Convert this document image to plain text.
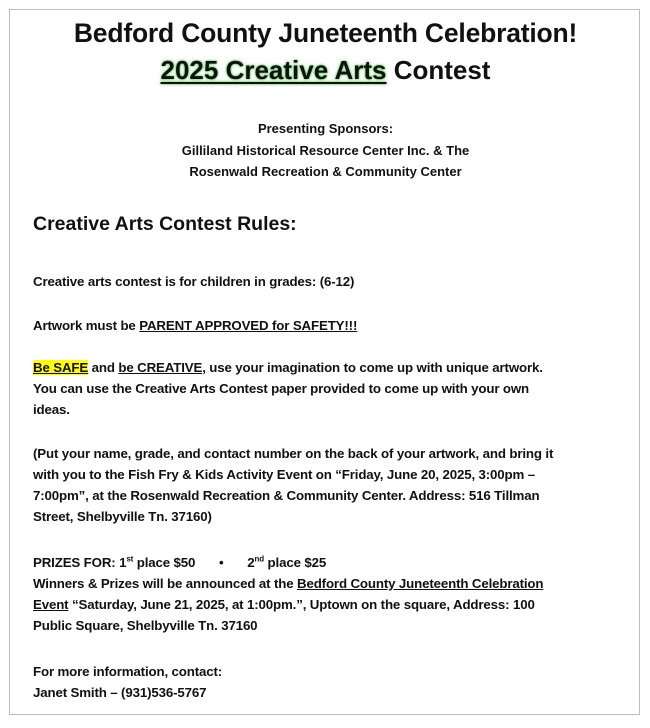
Bedford County Juneteenth Celebration!
2025 Creative Arts Contest
Presenting Sponsors:
Gilliland Historical Resource Center Inc. & The
Rosenwald Recreation & Community Center
Creative Arts Contest Rules:
Creative arts contest is for children in grades: (6-12)
Artwork must be PARENT APPROVED for SAFETY!!!
Be SAFE and be CREATIVE, use your imagination to come up with unique artwork.
You can use the Creative Arts Contest paper provided to come up with your own
ideas.
(Put your name, grade, and contact number on the back of your artwork, and bring it
with you to the Fish Fry & Kids Activity Event on “Friday, June 20, 2025, 3:00pm –
7:00pm”, at the Rosenwald Recreation & Community Center. Address: 516 Tillman
Street, Shelbyville Tn. 37160)
PRIZES FOR: 1st place $50 • 2nd place $25
Winners & Prizes will be announced at the Bedford County Juneteenth Celebration
Event “Saturday, June 21, 2025, at 1:00pm.”, Uptown on the square, Address: 100
Public Square, Shelbyville Tn. 37160
For more information, contact:
Janet Smith – (931)536-5767
